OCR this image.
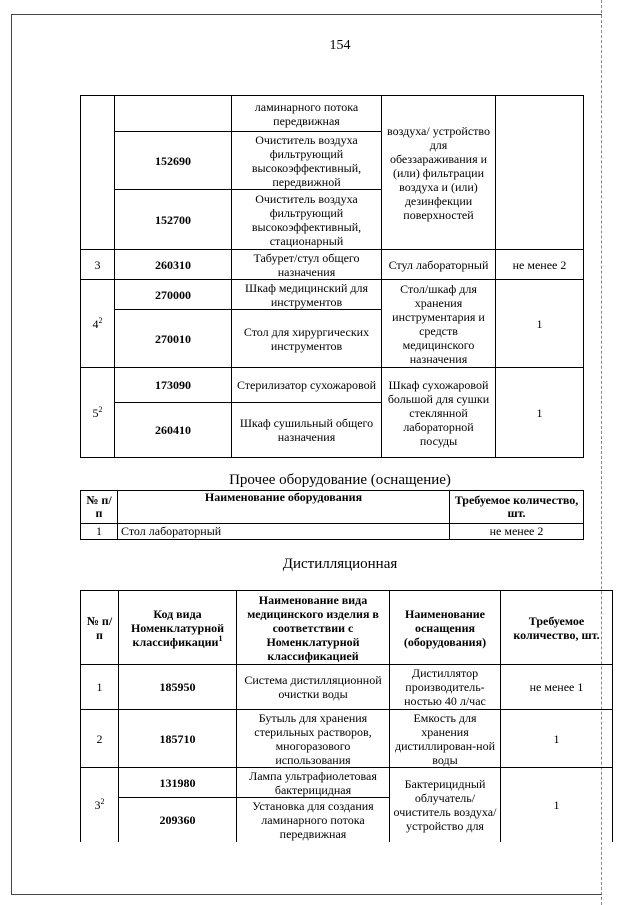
154
		ламинарного потока передвижная	воздуха/ устройство для обеззараживания и (или) фильтрации воздуха и (или) дезинфекции поверхностей	
	152690	Очиститель воздуха фильтрующий высокоэффективный, передвижной		
	152700	Очиститель воздуха фильтрующий высокоэффективный, стационарный		
3	260310	Табурет/стул общего назначения	Стул лабораторный	не менее 2
$4^2$	270000	Шкаф медицинский для инструментов	Стол/шкаф для хранения инструментария и средств медицинского назначения	1
	270010	Стол для хирургических инструментов		
$5^2$	173090	Стерилизатор сухожаровой	Шкаф сухожаровой большой для сушки стеклянной лабораторной посуды	1
	260410	Шкаф сушильный общего назначения		
Прочее оборудование (оснащение)
№ п/п	Наименование оборудования	Требуемое количество, шт.
1	Стол лабораторный	не менее 2
Дистилляционная
№ п/п	Код вида Номенклатурной классификации$^1$	Наименование вида медицинского изделия в соответствии с Номенклатурной классификацией	Наименование оснащения (оборудования)	Требуемое количество, шт.
1	185950	Система дистилляционной очистки воды	Дистиллятор производитель-ностью 40 л/час	не менее 1
2	185710	Бутыль для хранения стерильных растворов, многоразового использования	Емкость для хранения дистиллирован-ной воды	1
$3^2$	131980	Лампа ультрафиолетовая бактерицидная	Бактерицидный облучатель/ очиститель воздуха/ устройство для	1
	209360	Установка для создания ламинарного потока передвижная		
